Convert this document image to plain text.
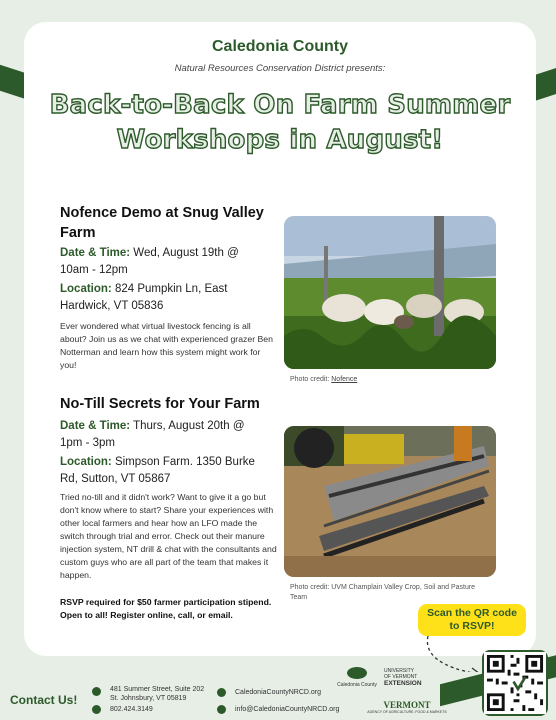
Caledonia County
Natural Resources Conservation District presents:
Back-to-Back On Farm Summer
Workshops in August!
Nofence Demo at Snug Valley Farm
Date & Time: Wed, August 19th @ 10am - 12pm
Location: 824 Pumpkin Ln, East Hardwick, VT 05836
Ever wondered what virtual livestock fencing is all about? Join us as we chat with experienced grazer Ben Notterman and learn how this system might work for you!
Photo credit: Nofence
No-Till Secrets for Your Farm
Date & Time: Thurs, August 20th @ 1pm - 3pm
Location: Simpson Farm. 1350 Burke Rd, Sutton, VT 05867
Tried no-till and it didn't work? Want to give it a go but don't know where to start? Share your experiences with other local farmers and hear how an LFO made the switch through trial and error. Check out their manure injection system, NT drill & chat with the consultants and custom guys who are all part of the team that makes it happen.
RSVP required for $50 farmer participation stipend. Open to all! Register online, call, or email.
Photo credit: UVM Champlain Valley Crop, Soil and Pasture Team
Scan the QR code
to RSVP!
Contact Us!
481 Summer Street, Suite 202
St. Johnsbury, VT 05819
802.424.3149
CaledoniaCountyNRCD.org
info@CaledoniaCountyNRCD.org
Caledonia County
UNIVERSITY
OF VERMONT
EXTENSION
VERMONT
AGENCY OF AGRICULTURE, FOOD & MARKETS
